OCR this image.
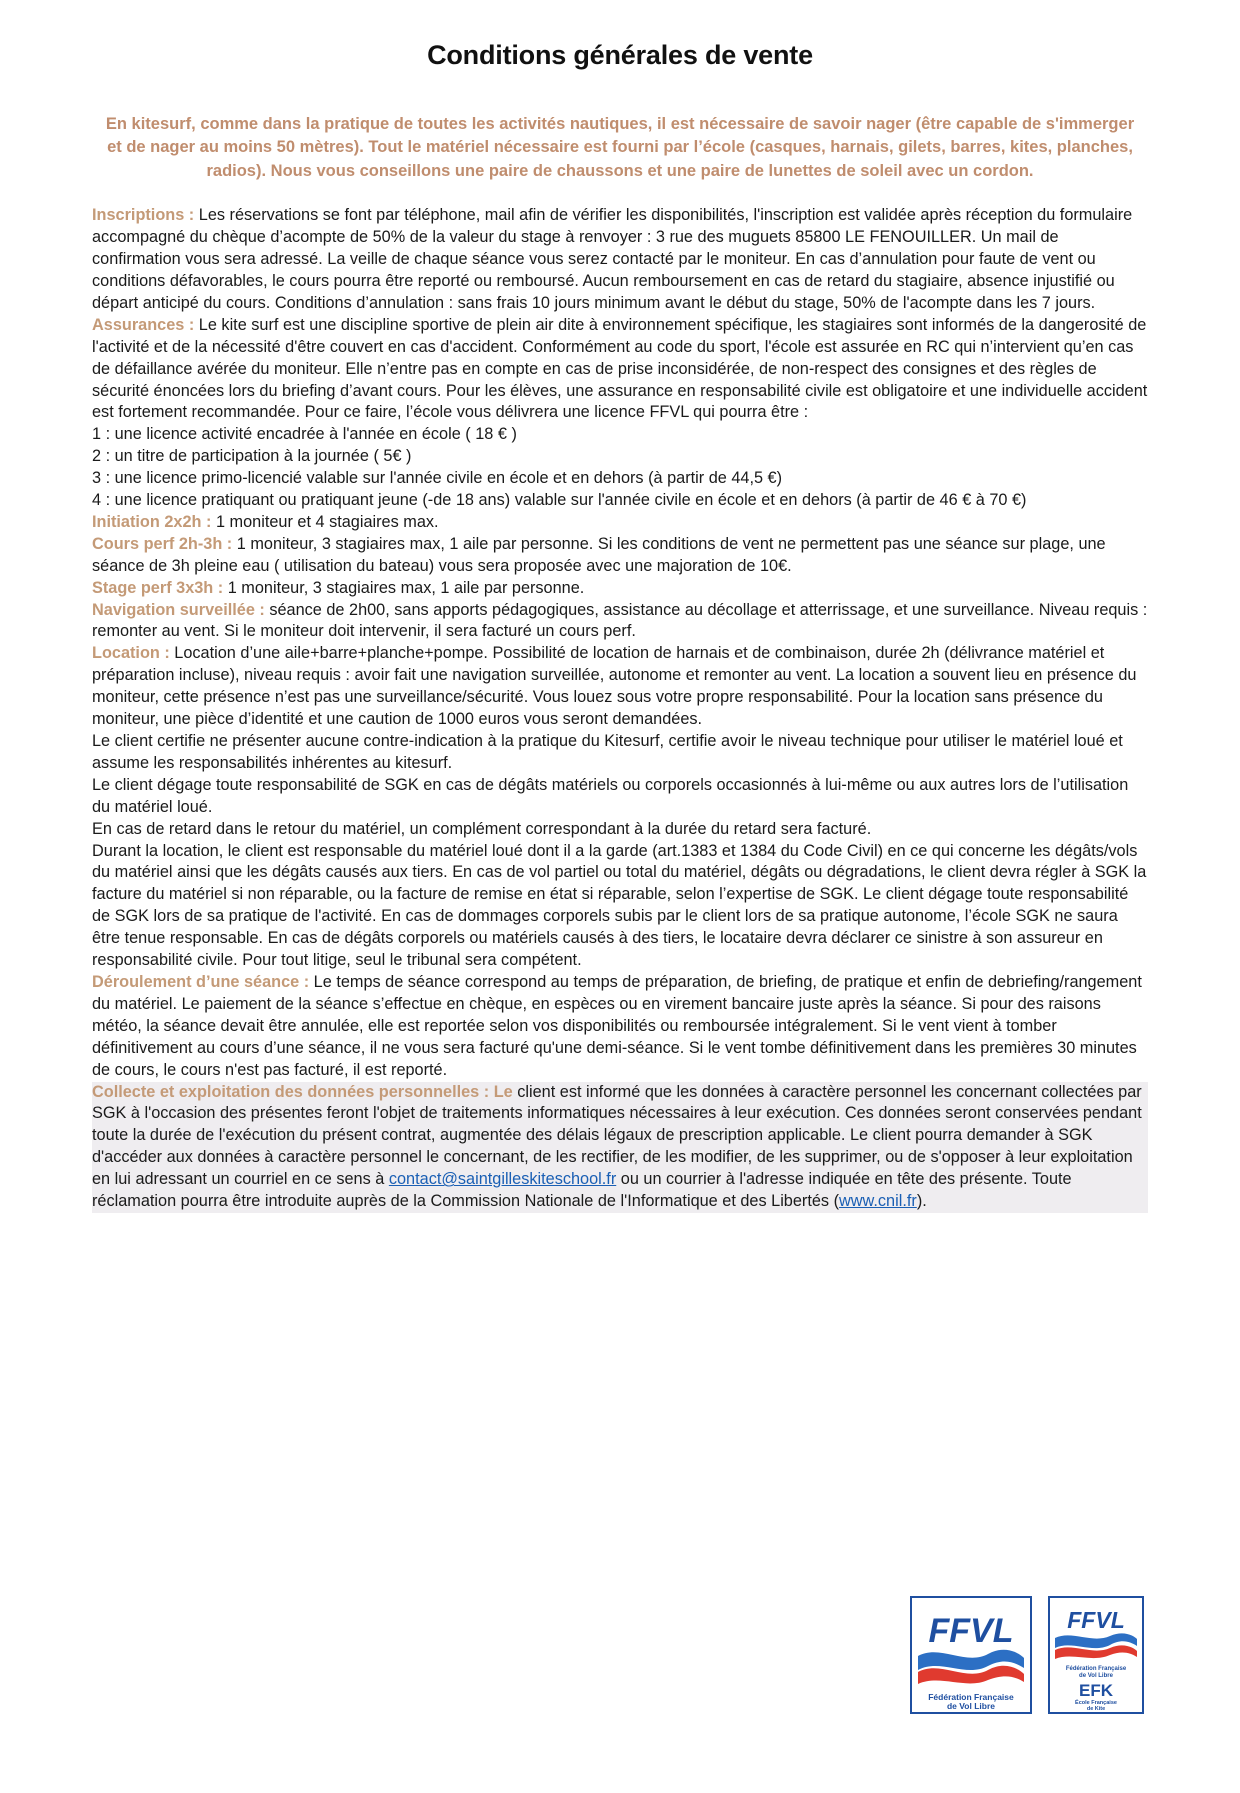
Conditions générales de vente
En kitesurf, comme dans la pratique de toutes les activités nautiques, il est nécessaire de savoir nager (être capable de s'immerger et de nager au moins 50 mètres). Tout le matériel nécessaire est fourni par l’école (casques, harnais, gilets, barres, kites, planches, radios). Nous vous conseillons une paire de chaussons et une paire de lunettes de soleil avec un cordon.

Inscriptions : Les réservations se font par téléphone, mail afin de vérifier les disponibilités, l'inscription est validée après réception du formulaire accompagné du chèque d’acompte de 50% de la valeur du stage à renvoyer : 3 rue des muguets 85800 LE FENOUILLER. Un mail de confirmation vous sera adressé. La veille de chaque séance vous serez contacté par le moniteur. En cas d’annulation pour faute de vent ou conditions défavorables, le cours pourra être reporté ou remboursé. Aucun remboursement en cas de retard du stagiaire, absence injustifié ou départ anticipé du cours. Conditions d’annulation : sans frais 10 jours minimum avant le début du stage, 50% de l'acompte dans les 7 jours.

Assurances : Le kite surf est une discipline sportive de plein air dite à environnement spécifique, les stagiaires sont informés de la dangerosité de l'activité et de la nécessité d'être couvert en cas d'accident. Conformément au code du sport, l'école est assurée en RC qui n’intervient qu’en cas de défaillance avérée du moniteur. Elle n’entre pas en compte en cas de prise inconsidérée, de non-respect des consignes et des règles de sécurité énoncées lors du briefing d’avant cours. Pour les élèves, une assurance en responsabilité civile est obligatoire et une individuelle accident est fortement recommandée. Pour ce faire, l’école vous délivrera une licence FFVL qui pourra être :

1 : une licence activité encadrée à l'année en école ( 18 € )

2 : un titre de participation à la journée ( 5€ )

3 : une licence primo-licencié valable sur l'année civile en école et en dehors (à partir de 44,5 €)

4 : une licence pratiquant ou pratiquant jeune (-de 18 ans) valable sur l'année civile en école et en dehors (à partir de 46 € à 70 €)

Initiation 2x2h : 1 moniteur et 4 stagiaires max.

Cours perf 2h-3h : 1 moniteur, 3 stagiaires max, 1 aile par personne. Si les conditions de vent ne permettent pas une séance sur plage, une séance de 3h pleine eau ( utilisation du bateau) vous sera proposée avec une majoration de 10€.

Stage perf 3x3h : 1 moniteur, 3 stagiaires max, 1 aile par personne.

Navigation surveillée : séance de 2h00, sans apports pédagogiques, assistance au décollage et atterrissage, et une surveillance. Niveau requis : remonter au vent. Si le moniteur doit intervenir, il sera facturé un cours perf.

Location : Location d’une aile+barre+planche+pompe. Possibilité de location de harnais et de combinaison, durée 2h (délivrance matériel et préparation incluse), niveau requis : avoir fait une navigation surveillée, autonome et remonter au vent. La location a souvent lieu en présence du moniteur, cette présence n’est pas une surveillance/sécurité. Vous louez sous votre propre responsabilité. Pour la location sans présence du moniteur, une pièce d’identité et une caution de 1000 euros vous seront demandées.

Le client certifie ne présenter aucune contre-indication à la pratique du Kitesurf, certifie avoir le niveau technique pour utiliser le matériel loué et assume les responsabilités inhérentes au kitesurf.

Le client dégage toute responsabilité de SGK en cas de dégâts matériels ou corporels occasionnés à lui-même ou aux autres lors de l’utilisation du matériel loué.

En cas de retard dans le retour du matériel, un complément correspondant à la durée du retard sera facturé.

Durant la location, le client est responsable du matériel loué dont il a la garde (art.1383 et 1384 du Code Civil) en ce qui concerne les dégâts/vols du matériel ainsi que les dégâts causés aux tiers. En cas de vol partiel ou total du matériel, dégâts ou dégradations, le client devra régler à SGK la facture du matériel si non réparable, ou la facture de remise en état si réparable, selon l’expertise de SGK. Le client dégage toute responsabilité de SGK lors de sa pratique de l'activité. En cas de dommages corporels subis par le client lors de sa pratique autonome, l’école SGK ne saura être tenue responsable. En cas de dégâts corporels ou matériels causés à des tiers, le locataire devra déclarer ce sinistre à son assureur en responsabilité civile. Pour tout litige, seul le tribunal sera compétent.

Déroulement d’une séance : Le temps de séance correspond au temps de préparation, de briefing, de pratique et enfin de debriefing/rangement du matériel. Le paiement de la séance s’effectue en chèque, en espèces ou en virement bancaire juste après la séance. Si pour des raisons météo, la séance devait être annulée, elle est reportée selon vos disponibilités ou remboursée intégralement. Si le vent vient à tomber définitivement au cours d’une séance, il ne vous sera facturé qu'une demi-séance. Si le vent tombe définitivement dans les premières 30 minutes de cours, le cours n'est pas facturé, il est reporté.

Collecte et exploitation des données personnelles : Le client est informé que les données à caractère personnel les concernant collectées par SGK à l'occasion des présentes feront l'objet de traitements informatiques nécessaires à leur exécution. Ces données seront conservées pendant toute la durée de l'exécution du présent contrat, augmentée des délais légaux de prescription applicable. Le client pourra demander à SGK d'accéder aux données à caractère personnel le concernant, de les rectifier, de les modifier, de les supprimer, ou de s'opposer à leur exploitation en lui adressant un courriel en ce sens à contact@saintgilleskiteschool.fr ou un courrier à l'adresse indiquée en tête des présente. Toute réclamation pourra être introduite auprès de la Commission Nationale de l'Informatique et des Libertés (www.cnil.fr).

FFVL
Fédération Française
de Vol Libre
FFVL
Fédération Française
de Vol Libre
EFK
École Française
de Kite
